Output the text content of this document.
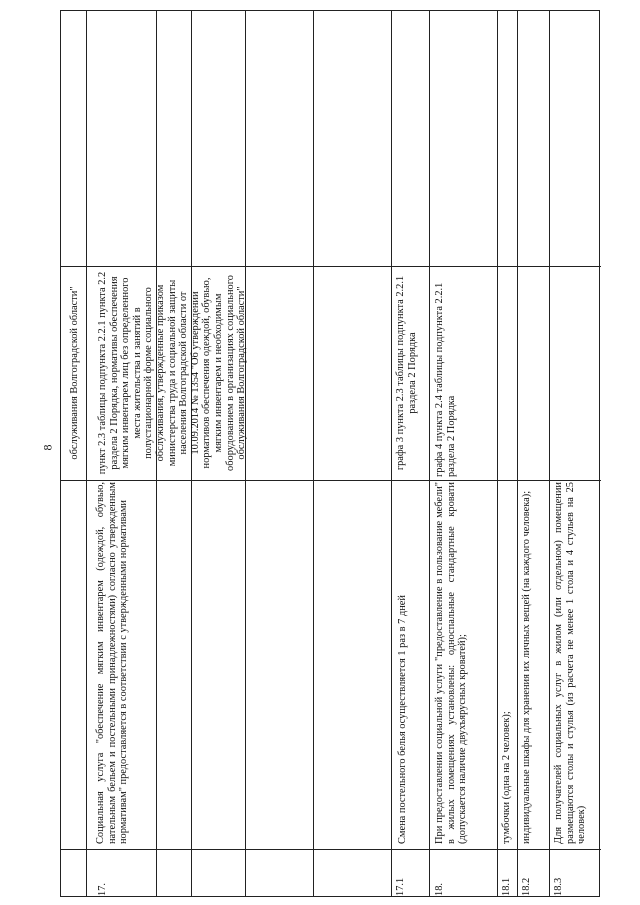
8 обслуживания Волгоградской области"
17.
Социальная услуга "обеспечение мягким инвентарем (одеждой, обувью, нательным бельем и постельными принадлежностями) согласно утвержденным нормативам" предоставляется в соответствии с утвержденными нормативами
пункт 2.3 таблицы подпункта 2.2.1 пункта 2.2 раздела 2 Порядка, нормативы обеспечения мягким инвентарем лиц без определенного места жительства и занятий в полустационарной форме социального обслуживания, утвержденные приказом министерства труда и социальной защиты населения Волгоградской области от 10.09.2014 № 1354 "Об утверждении нормативов обеспечения одеждой, обувью, мягким инвентарем и необходимым оборудованием в организациях социального обслуживания Волгоградской области"
17.1
Смена постельного белья осуществляется 1 раз в 7 дней
графа 3 пункта 2.3 таблицы подпункта 2.2.1 раздела 2 Порядка
18.
При предоставлении социальной услуги "предоставление в пользование мебели" в жилых помещениях установлены: односпальные стандартные кровати (допускается наличие двухъярусных кроватей);
графа 4 пункта 2.4 таблицы подпункта 2.2.1 раздела 2 Порядка
18.1
тумбочки (одна на 2 человек);
18.2
индивидуальные шкафы для хранения их личных вещей (на каждого человека);
18.3
Для получателей социальных услуг в жилом (или отдельном) помещении размещаются столы и стулья (из расчета не менее 1 стола и 4 стульев на 25 человек)
